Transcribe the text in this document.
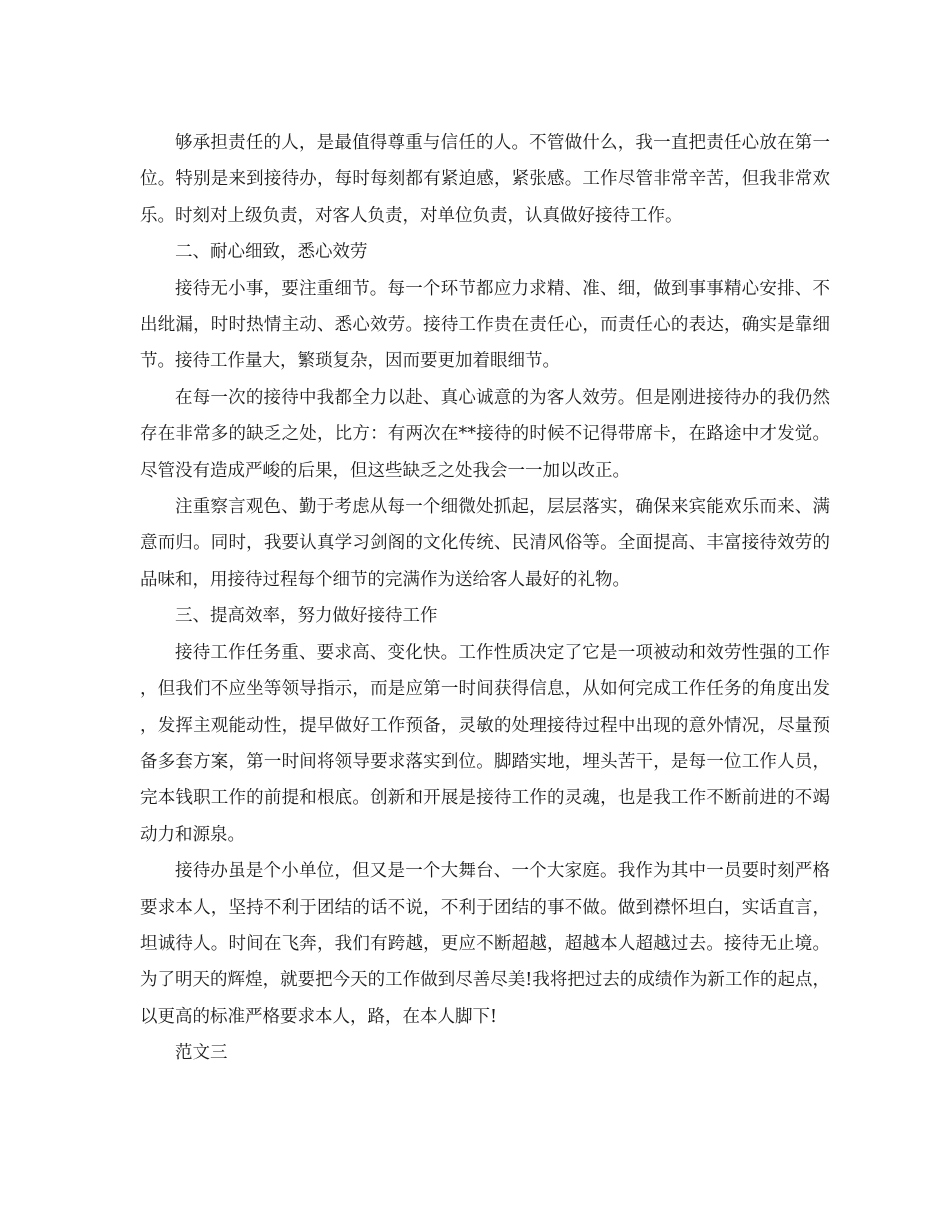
够承担责任的人，是最值得尊重与信任的人。不管做什么，我一直把责任心放在第一位。特别是来到接待办，每时每刻都有紧迫感，紧张感。工作尽管非常辛苦，但我非常欢乐。时刻对上级负责，对客人负责，对单位负责，认真做好接待工作。

二、耐心细致，悉心效劳

接待无小事，要注重细节。每一个环节都应力求精、准、细，做到事事精心安排、不出纰漏，时时热情主动、悉心效劳。接待工作贵在责任心，而责任心的表达，确实是靠细节。接待工作量大，繁琐复杂，因而要更加着眼细节。

在每一次的接待中我都全力以赴、真心诚意的为客人效劳。但是刚进接待办的我仍然存在非常多的缺乏之处，比方：有两次在**接待的时候不记得带席卡，在路途中才发觉。尽管没有造成严峻的后果，但这些缺乏之处我会一一加以改正。

注重察言观色、勤于考虑从每一个细微处抓起，层层落实，确保来宾能欢乐而来、满意而归。同时，我要认真学习剑阁的文化传统、民清风俗等。全面提高、丰富接待效劳的品味和，用接待过程每个细节的完满作为送给客人最好的礼物。

三、提高效率，努力做好接待工作

接待工作任务重、要求高、变化快。工作性质决定了它是一项被动和效劳性强的工作，但我们不应坐等领导指示，而是应第一时间获得信息，从如何完成工作任务的角度出发，发挥主观能动性，提早做好工作预备，灵敏的处理接待过程中出现的意外情况，尽量预备多套方案，第一时间将领导要求落实到位。脚踏实地，埋头苦干，是每一位工作人员，完本钱职工作的前提和根底。创新和开展是接待工作的灵魂，也是我工作不断前进的不竭动力和源泉。

接待办虽是个小单位，但又是一个大舞台、一个大家庭。我作为其中一员要时刻严格要求本人，坚持不利于团结的话不说，不利于团结的事不做。做到襟怀坦白，实话直言，坦诚待人。时间在飞奔，我们有跨越，更应不断超越，超越本人超越过去。接待无止境。为了明天的辉煌，就要把今天的工作做到尽善尽美!我将把过去的成绩作为新工作的起点，以更高的标准严格要求本人，路，在本人脚下!

范文三
